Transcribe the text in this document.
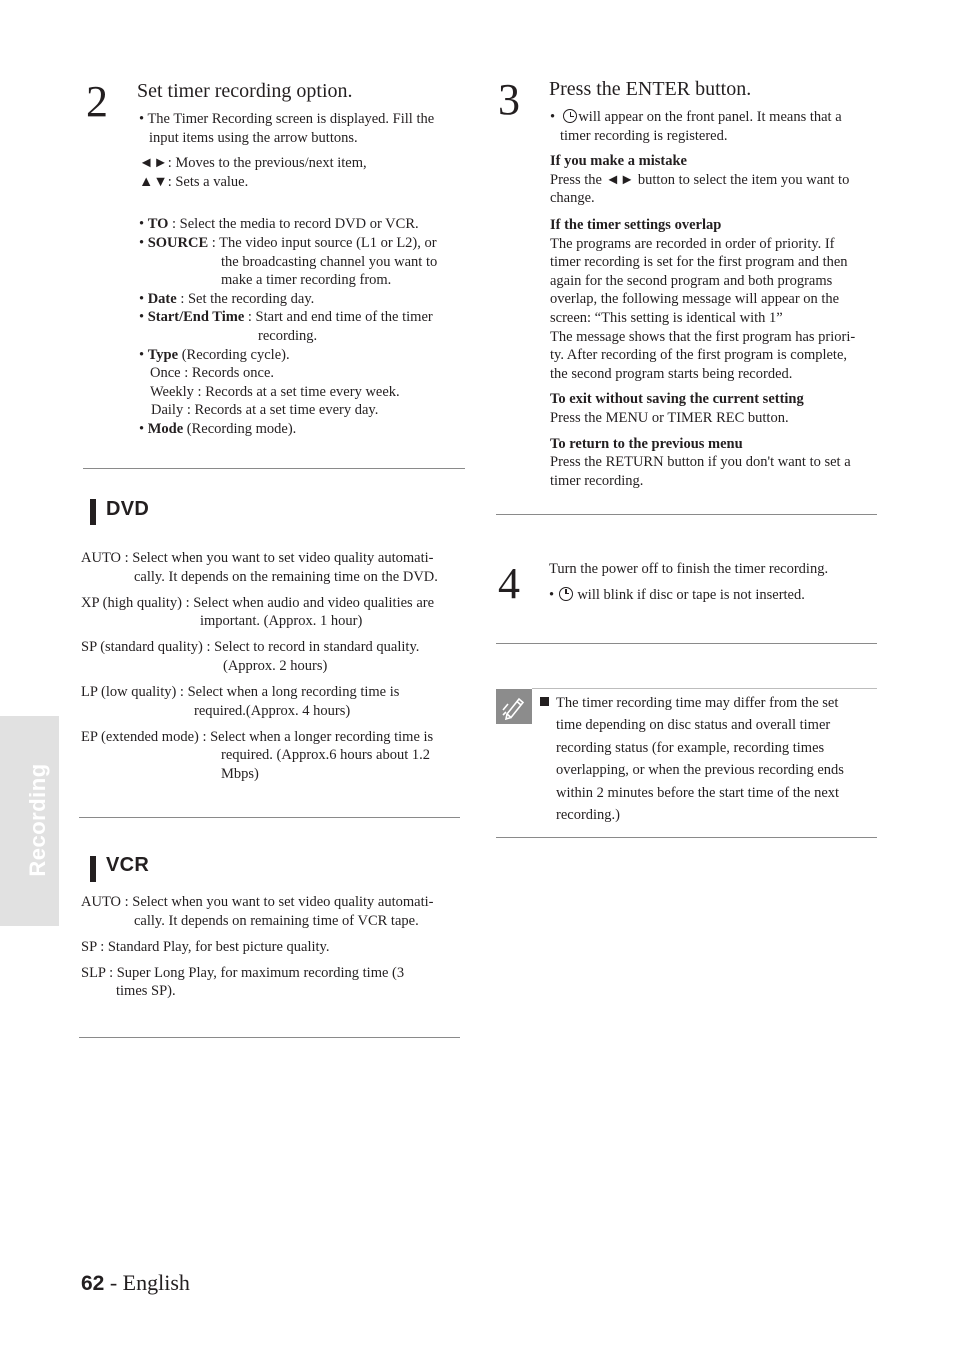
Recording
2 Set timer recording option.
• The Timer Recording screen is displayed. Fill the
input items using the arrow buttons.
◄►: Moves to the previous/next item,
▲▼: Sets a value.
• TO : Select the media to record DVD or VCR.
• SOURCE : The video input source (L1 or L2), or
the broadcasting channel you want to
make a timer recording from.
• Date : Set the recording day.
• Start/End Time : Start and end time of the timer
recording.
• Type (Recording cycle).
Once : Records once.
Weekly : Records at a set time every week.
Daily : Records at a set time every day.
• Mode (Recording mode).
DVD
AUTO : Select when you want to set video quality automati-
cally. It depends on the remaining time on the DVD.
XP (high quality) : Select when audio and video qualities are
important. (Approx. 1 hour)
SP (standard quality) : Select to record in standard quality.
(Approx. 2 hours)
LP (low quality) : Select when a long recording time is
required.(Approx. 4 hours)
EP (extended mode) : Select when a longer recording time is
required. (Approx.6 hours about 1.2
Mbps)
VCR
AUTO : Select when you want to set video quality automati-
cally. It depends on remaining time of VCR tape.
SP : Standard Play, for best picture quality.
SLP : Super Long Play, for maximum recording time (3
times SP).
3 Press the ENTER button.
•  will appear on the front panel. It means that a
timer recording is registered.
If you make a mistake
Press the ◄► button to select the item you want to
change.
If the timer settings overlap
The programs are recorded in order of priority. If
timer recording is set for the first program and then
again for the second program and both programs
overlap, the following message will appear on the
screen: “This setting is identical with 1”
The message shows that the first program has priori-
ty. After recording of the first program is complete,
the second program starts being recorded.
To exit without saving the current setting
Press the MENU or TIMER REC button.
To return to the previous menu
Press the RETURN button if you don't want to set a
timer recording.
4 Turn the power off to finish the timer recording.
•  will blink if disc or tape is not inserted.
The timer recording time may differ from the set
time depending on disc status and overall timer
recording status (for example, recording times
overlapping, or when the previous recording ends
within 2 minutes before the start time of the next
recording.)
62 - English
